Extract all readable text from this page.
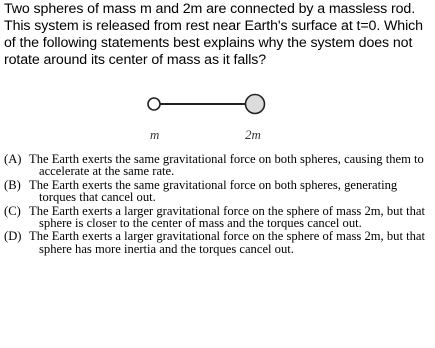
Two spheres of mass m and 2m are connected by a massless rod. This system is released from rest near Earth's surface at t=0. Which of the following statements best explains why the system does not rotate around its center of mass as it falls?
m	2m
(A) The Earth exerts the same gravitational force on both spheres, causing them to accelerate at the same rate.
(B) The Earth exerts the same gravitational force on both spheres, generating torques that cancel out.
(C) The Earth exerts a larger gravitational force on the sphere of mass 2m, but that sphere is closer to the center of mass and the torques cancel out.
(D) The Earth exerts a larger gravitational force on the sphere of mass 2m, but that sphere has more inertia and the torques cancel out.
